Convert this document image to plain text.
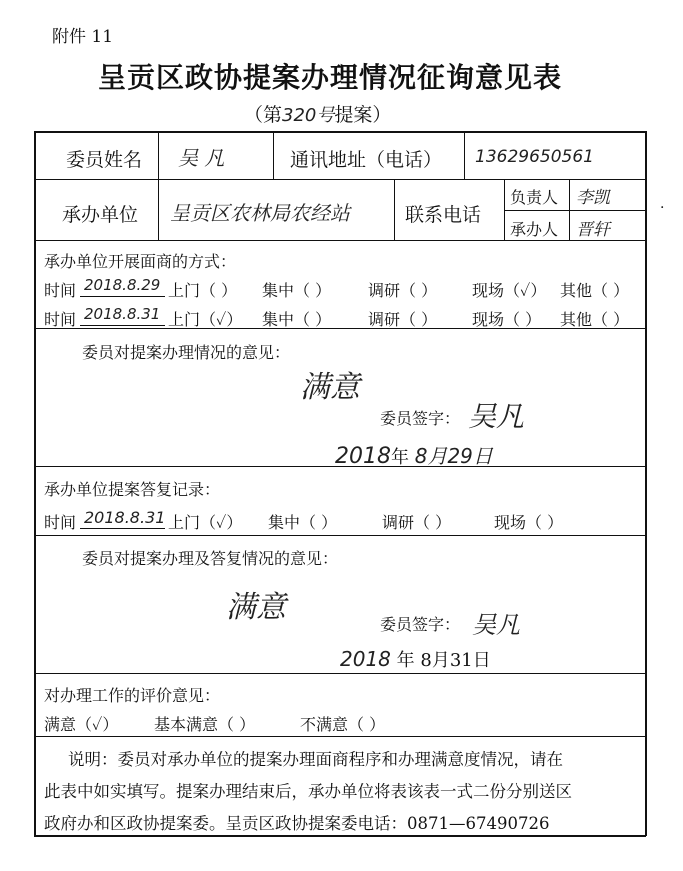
附件 11
呈贡区政协提案办理情况征询意见表
（第320号提案）
委员姓名 吴 凡	通讯地址（电话） 13629650561
承办单位 呈贡区农林局农经站	联系电话
负责人 李凯
承办人 晋轩
·
承办单位开展面商的方式：
时间 2018.8.29 上门（ ） 集中（ ） 调研（ ） 现场（✓） 其他（ ）
时间 2018.8.31 上门（✓） 集中（ ） 调研（ ） 现场（ ） 其他（ ）
委员对提案办理情况的意见：
满意
委员签字： 吴凡
2018年 8月29日
承办单位提案答复记录：
时间 2018.8.31 上门（✓） 集中（ ）	调研（ ）	现场（ ）
委员对提案办理及答复情况的意见：
满意	委员签字： 吴凡
2018 年 8月31日
对办理工作的评价意见：
满意（✓） 基本满意（ ）	不满意（ ）
说明：委员对承办单位的提案办理面商程序和办理满意度情况，请在
此表中如实填写。提案办理结束后，承办单位将表该表一式二份分别送区
政府办和区政协提案委。呈贡区政协提案委电话：0871—67490726
